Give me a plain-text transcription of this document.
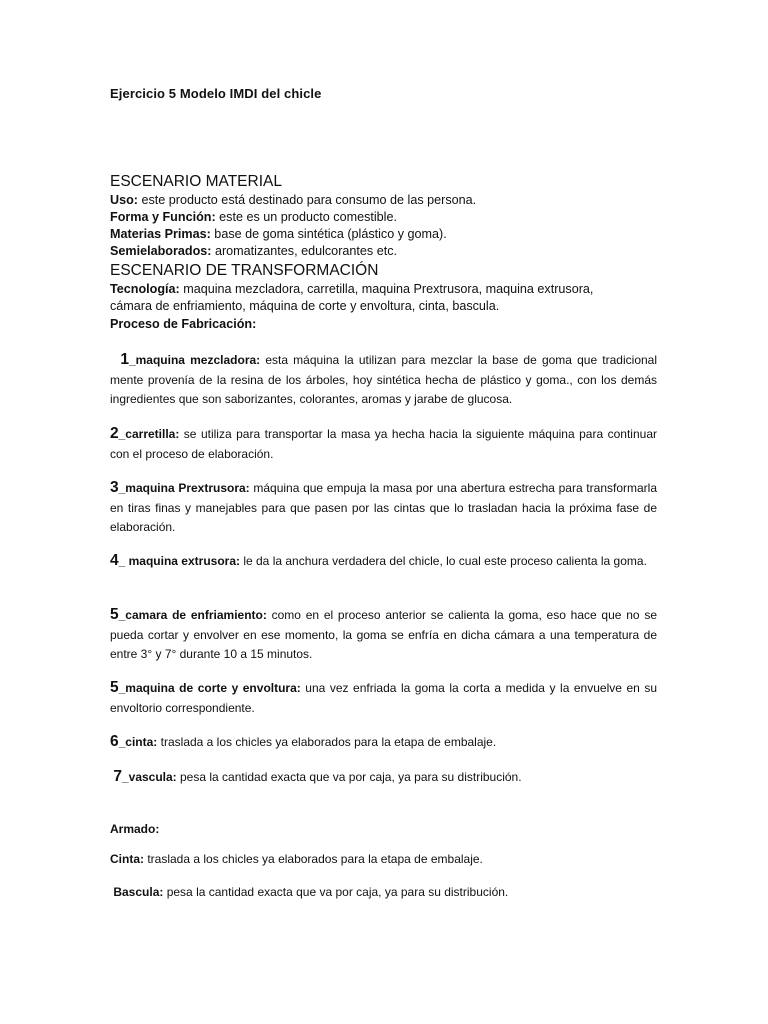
Ejercicio 5 Modelo IMDI del chicle
ESCENARIO MATERIAL
Uso: este producto está destinado para consumo de las persona.
Forma y Función: este es un producto comestible.
Materias Primas: base de goma sintética (plástico y goma).
Semielaborados: aromatizantes, edulcorantes etc.
ESCENARIO DE TRANSFORMACIÓN
Tecnología: maquina mezcladora, carretilla, maquina Prextrusora, maquina extrusora,
cámara de enfriamiento, máquina de corte y envoltura, cinta, bascula.
Proceso de Fabricación:
1_maquina mezcladora: esta máquina la utilizan para mezclar la base de goma que tradicional mente provenía de la resina de los árboles, hoy sintética hecha de plástico y goma., con los demás ingredientes que son saborizantes, colorantes, aromas y jarabe de glucosa.
2_carretilla: se utiliza para transportar la masa ya hecha hacia la siguiente máquina para continuar con el proceso de elaboración.
3_maquina Prextrusora: máquina que empuja la masa por una abertura estrecha para transformarla en tiras finas y manejables para que pasen por las cintas que lo trasladan hacia la próxima fase de elaboración.
4_ maquina extrusora: le da la anchura verdadera del chicle, lo cual este proceso calienta la goma.
5_camara de enfriamiento: como en el proceso anterior se calienta la goma, eso hace que no se pueda cortar y envolver en ese momento, la goma se enfría en dicha cámara a una temperatura de entre 3° y 7° durante 10 a 15 minutos.
5_maquina de corte y envoltura: una vez enfriada la goma la corta a medida y la envuelve en su envoltorio correspondiente.
6_cinta: traslada a los chicles ya elaborados para la etapa de embalaje.
7_vascula: pesa la cantidad exacta que va por caja, ya para su distribución.
Armado:
Cinta: traslada a los chicles ya elaborados para la etapa de embalaje.
Bascula: pesa la cantidad exacta que va por caja, ya para su distribución.
